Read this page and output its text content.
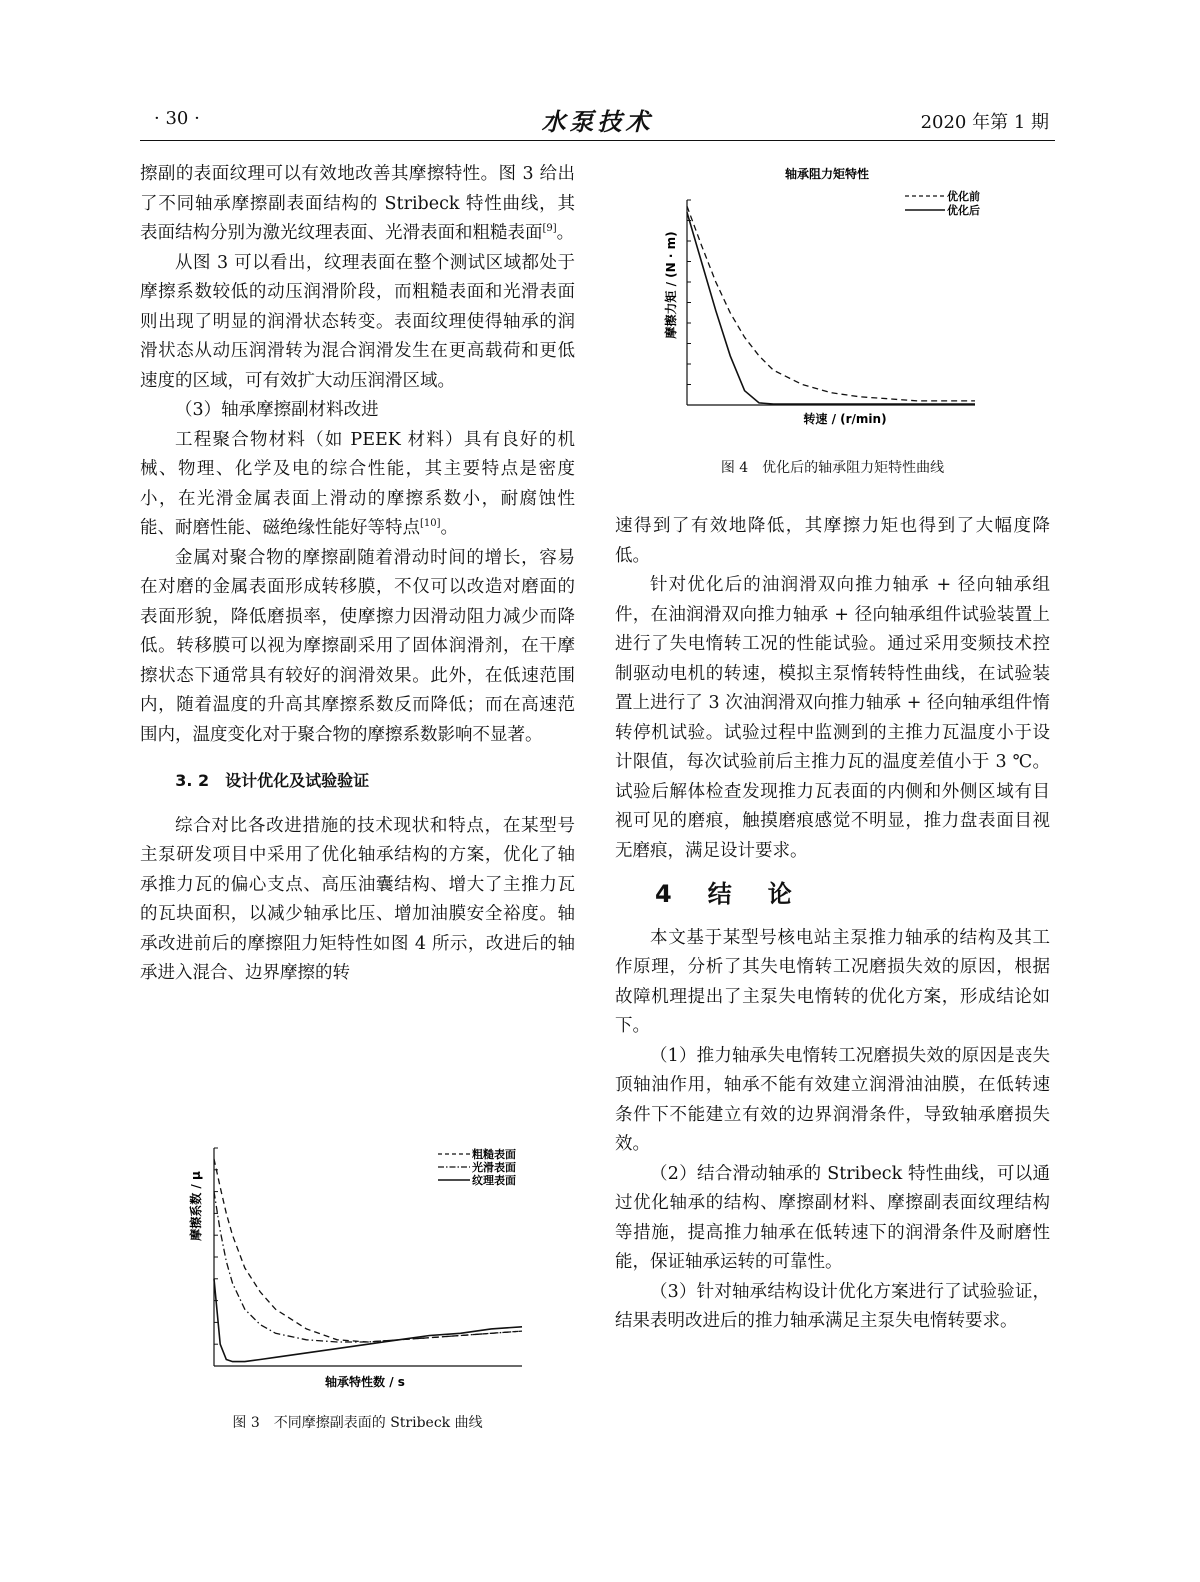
· 30 ·	水泵技术	2020 年第 1 期

擦副的表面纹理可以有效地改善其摩擦特性。图 3 给出了不同轴承摩擦副表面结构的 Stribeck 特性曲线，其表面结构分别为激光纹理表面、光滑表面和粗糙表面[9]。

从图 3 可以看出，纹理表面在整个测试区域都处于摩擦系数较低的动压润滑阶段，而粗糙表面和光滑表面则出现了明显的润滑状态转变。表面纹理使得轴承的润滑状态从动压润滑转为混合润滑发生在更高载荷和更低速度的区域，可有效扩大动压润滑区域。

（3）轴承摩擦副材料改进

工程聚合物材料（如 PEEK 材料）具有良好的机械、物理、化学及电的综合性能，其主要特点是密度小，在光滑金属表面上滑动的摩擦系数小，耐腐蚀性能、耐磨性能、磁绝缘性能好等特点[10]。

金属对聚合物的摩擦副随着滑动时间的增长，容易在对磨的金属表面形成转移膜，不仅可以改造对磨面的表面形貌，降低磨损率，使摩擦力因滑动阻力减少而降低。转移膜可以视为摩擦副采用了固体润滑剂，在干摩擦状态下通常具有较好的润滑效果。此外，在低速范围内，随着温度的升高其摩擦系数反而降低；而在高速范围内，温度变化对于聚合物的摩擦系数影响不显著。

3. 2　设计优化及试验验证

综合对比各改进措施的技术现状和特点，在某型号主泵研发项目中采用了优化轴承结构的方案，优化了轴承推力瓦的偏心支点、高压油囊结构、增大了主推力瓦的瓦块面积，以减少轴承比压、增加油膜安全裕度。轴承改进前后的摩擦阻力矩特性如图 4 所示，改进后的轴承进入混合、边界摩擦的转

轴承特性数 / s
摩擦系数 / μ
粗糙表面
光滑表面
纹理表面
图 3　不同摩擦副表面的 Stribeck 曲线
轴承阻力矩特性
转速 / (r/min)
摩擦力矩 / (N · m)
优化前
优化后
图 4　优化后的轴承阻力矩特性曲线

速得到了有效地降低，其摩擦力矩也得到了大幅度降低。

针对优化后的油润滑双向推力轴承 + 径向轴承组件，在油润滑双向推力轴承 + 径向轴承组件试验装置上进行了失电惰转工况的性能试验。通过采用变频技术控制驱动电机的转速，模拟主泵惰转特性曲线，在试验装置上进行了 3 次油润滑双向推力轴承 + 径向轴承组件惰转停机试验。试验过程中监测到的主推力瓦温度小于设计限值，每次试验前后主推力瓦的温度差值小于 3 ℃。试验后解体检查发现推力瓦表面的内侧和外侧区域有目视可见的磨痕，触摸磨痕感觉不明显，推力盘表面目视无磨痕，满足设计要求。

4 结　论

本文基于某型号核电站主泵推力轴承的结构及其工作原理，分析了其失电惰转工况磨损失效的原因，根据故障机理提出了主泵失电惰转的优化方案，形成结论如下。

（1）推力轴承失电惰转工况磨损失效的原因是丧失顶轴油作用，轴承不能有效建立润滑油油膜，在低转速条件下不能建立有效的边界润滑条件，导致轴承磨损失效。

（2）结合滑动轴承的 Stribeck 特性曲线，可以通过优化轴承的结构、摩擦副材料、摩擦副表面纹理结构等措施，提高推力轴承在低转速下的润滑条件及耐磨性能，保证轴承运转的可靠性。

（3）针对轴承结构设计优化方案进行了试验验证，结果表明改进后的推力轴承满足主泵失电惰转要求。
